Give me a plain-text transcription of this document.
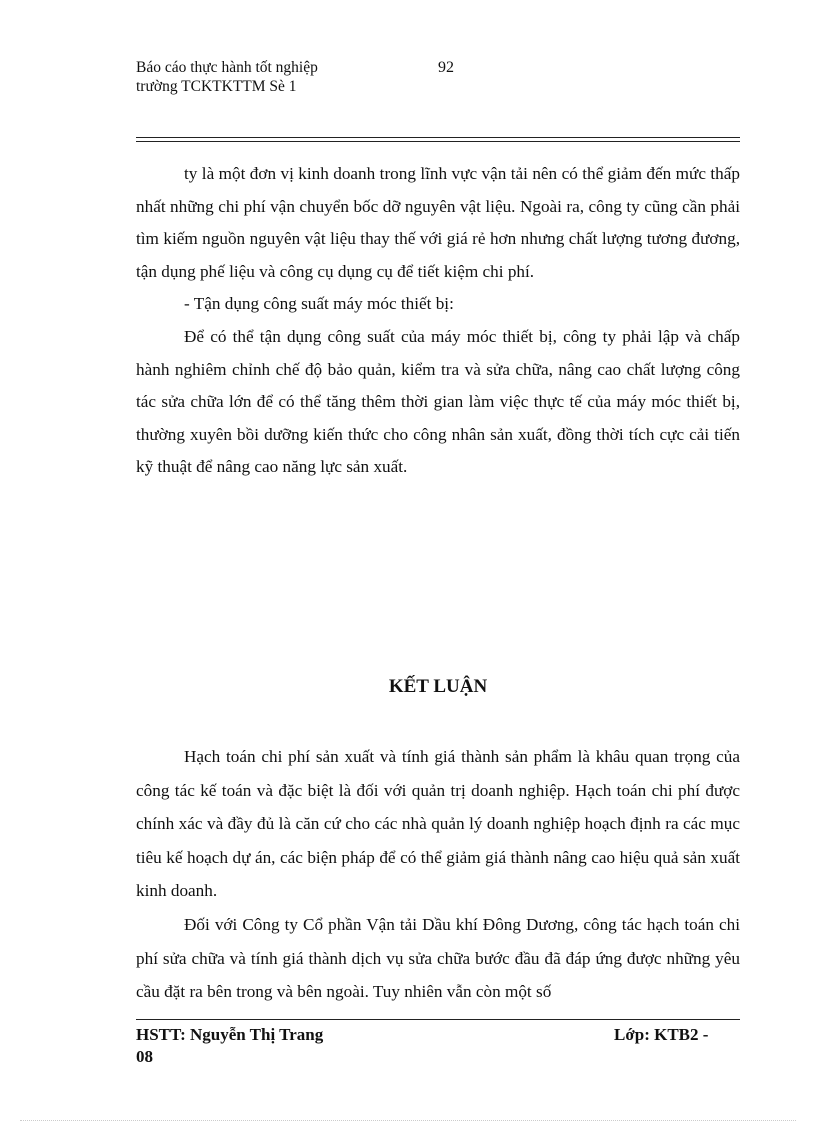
Báo cáo thực hành tốt nghiệp
trường TCKTKTTM Sè 1
92

ty là một đơn vị kinh doanh trong lĩnh vực vận tải nên có thể giảm đến mức thấp nhất những chi phí vận chuyển bốc dỡ nguyên vật liệu. Ngoài ra, công ty cũng cần phải tìm kiếm nguồn nguyên vật liệu thay thế với giá rẻ hơn nhưng chất lượng tương đương, tận dụng phế liệu và công cụ dụng cụ để tiết kiệm chi phí.

- Tận dụng công suất máy móc thiết bị:

Để có thể tận dụng công suất của máy móc thiết bị, công ty phải lập và chấp hành nghiêm chỉnh chế độ bảo quản, kiểm tra và sửa chữa, nâng cao chất lượng công tác sửa chữa lớn để có thể tăng thêm thời gian làm việc thực tế của máy móc thiết bị, thường xuyên bồi dưỡng kiến thức cho công nhân sản xuất, đồng thời tích cực cải tiến kỹ thuật để nâng cao năng lực sản xuất.

KẾT LUẬN

Hạch toán chi phí sản xuất và tính giá thành sản phẩm là khâu quan trọng của công tác kế toán và đặc biệt là đối với quản trị doanh nghiệp. Hạch toán chi phí được chính xác và đầy đủ là căn cứ cho các nhà quản lý doanh nghiệp hoạch định ra các mục tiêu kế hoạch dự án, các biện pháp để có thể giảm giá thành nâng cao hiệu quả sản xuất kinh doanh.

Đối với Công ty Cổ phần Vận tải Dầu khí Đông Dương, công tác hạch toán chi phí sửa chữa và tính giá thành dịch vụ sửa chữa bước đầu đã đáp ứng được những yêu cầu đặt ra bên trong và bên ngoài. Tuy nhiên vẫn còn một số

HSTT: Nguyễn Thị Trang
08
Lớp: KTB2 -
